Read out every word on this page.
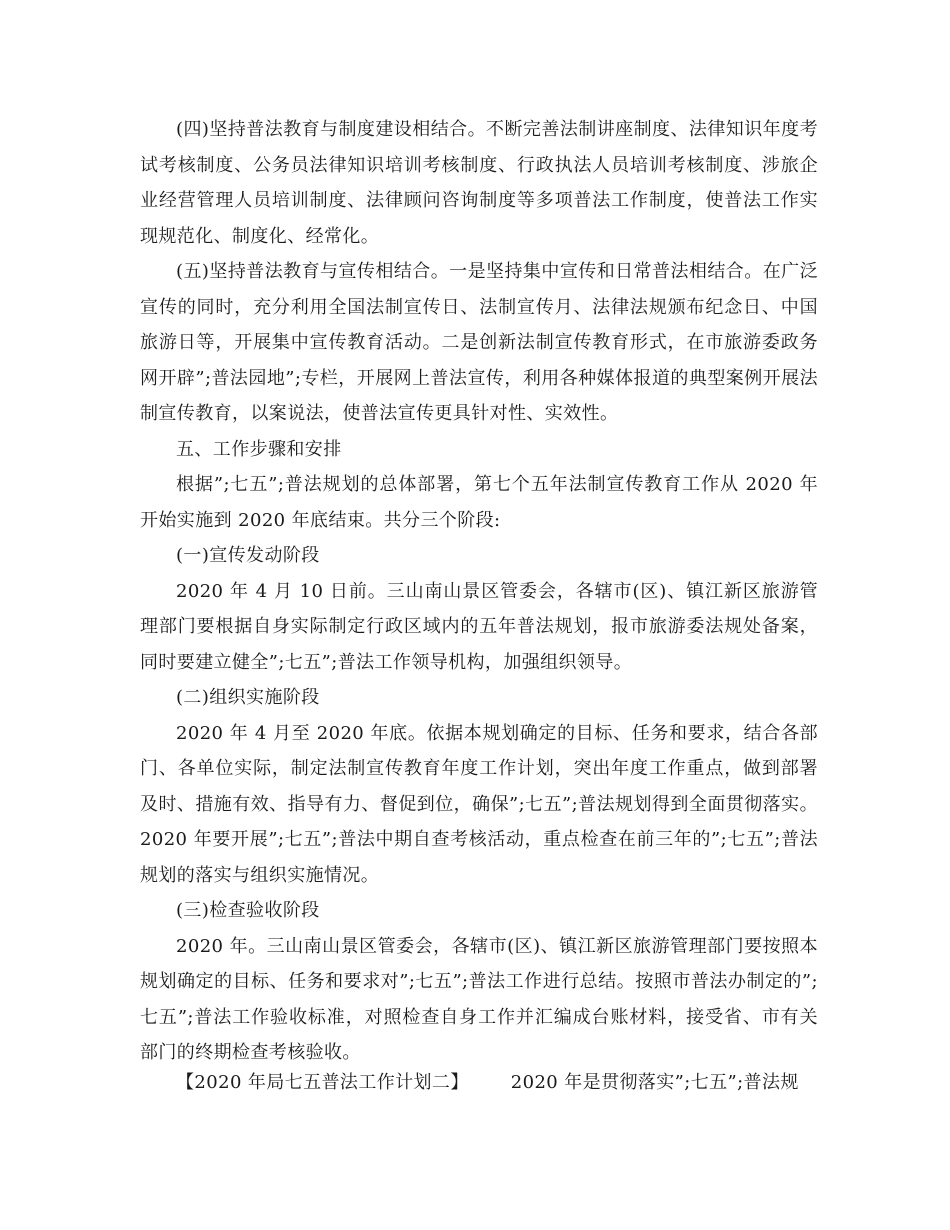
(四)坚持普法教育与制度建设相结合。不断完善法制讲座制度、法律知识年度考试考核制度、公务员法律知识培训考核制度、行政执法人员培训考核制度、涉旅企业经营管理人员培训制度、法律顾问咨询制度等多项普法工作制度，使普法工作实现规范化、制度化、经常化。

(五)坚持普法教育与宣传相结合。一是坚持集中宣传和日常普法相结合。在广泛宣传的同时，充分利用全国法制宣传日、法制宣传月、法律法规颁布纪念日、中国旅游日等，开展集中宣传教育活动。二是创新法制宣传教育形式，在市旅游委政务网开辟”;普法园地”;专栏，开展网上普法宣传，利用各种媒体报道的典型案例开展法制宣传教育，以案说法，使普法宣传更具针对性、实效性。

五、工作步骤和安排

根据”;七五”;普法规划的总体部署，第七个五年法制宣传教育工作从 2020 年开始实施到 2020 年底结束。共分三个阶段:

(一)宣传发动阶段

2020 年 4 月 10 日前。三山南山景区管委会，各辖市(区)、镇江新区旅游管理部门要根据自身实际制定行政区域内的五年普法规划，报市旅游委法规处备案，同时要建立健全”;七五”;普法工作领导机构，加强组织领导。

(二)组织实施阶段

2020 年 4 月至 2020 年底。依据本规划确定的目标、任务和要求，结合各部门、各单位实际，制定法制宣传教育年度工作计划，突出年度工作重点，做到部署及时、措施有效、指导有力、督促到位，确保”;七五”;普法规划得到全面贯彻落实。2020 年要开展”;七五”;普法中期自查考核活动，重点检查在前三年的”;七五”;普法规划的落实与组织实施情况。

(三)检查验收阶段

2020 年。三山南山景区管委会，各辖市(区)、镇江新区旅游管理部门要按照本规划确定的目标、任务和要求对”;七五”;普法工作进行总结。按照市普法办制定的”;七五”;普法工作验收标准，对照检查自身工作并汇编成台账材料，接受省、市有关部门的终期检查考核验收。

【2020 年局七五普法工作计划二】 2020 年是贯彻落实”;七五”;普法规
